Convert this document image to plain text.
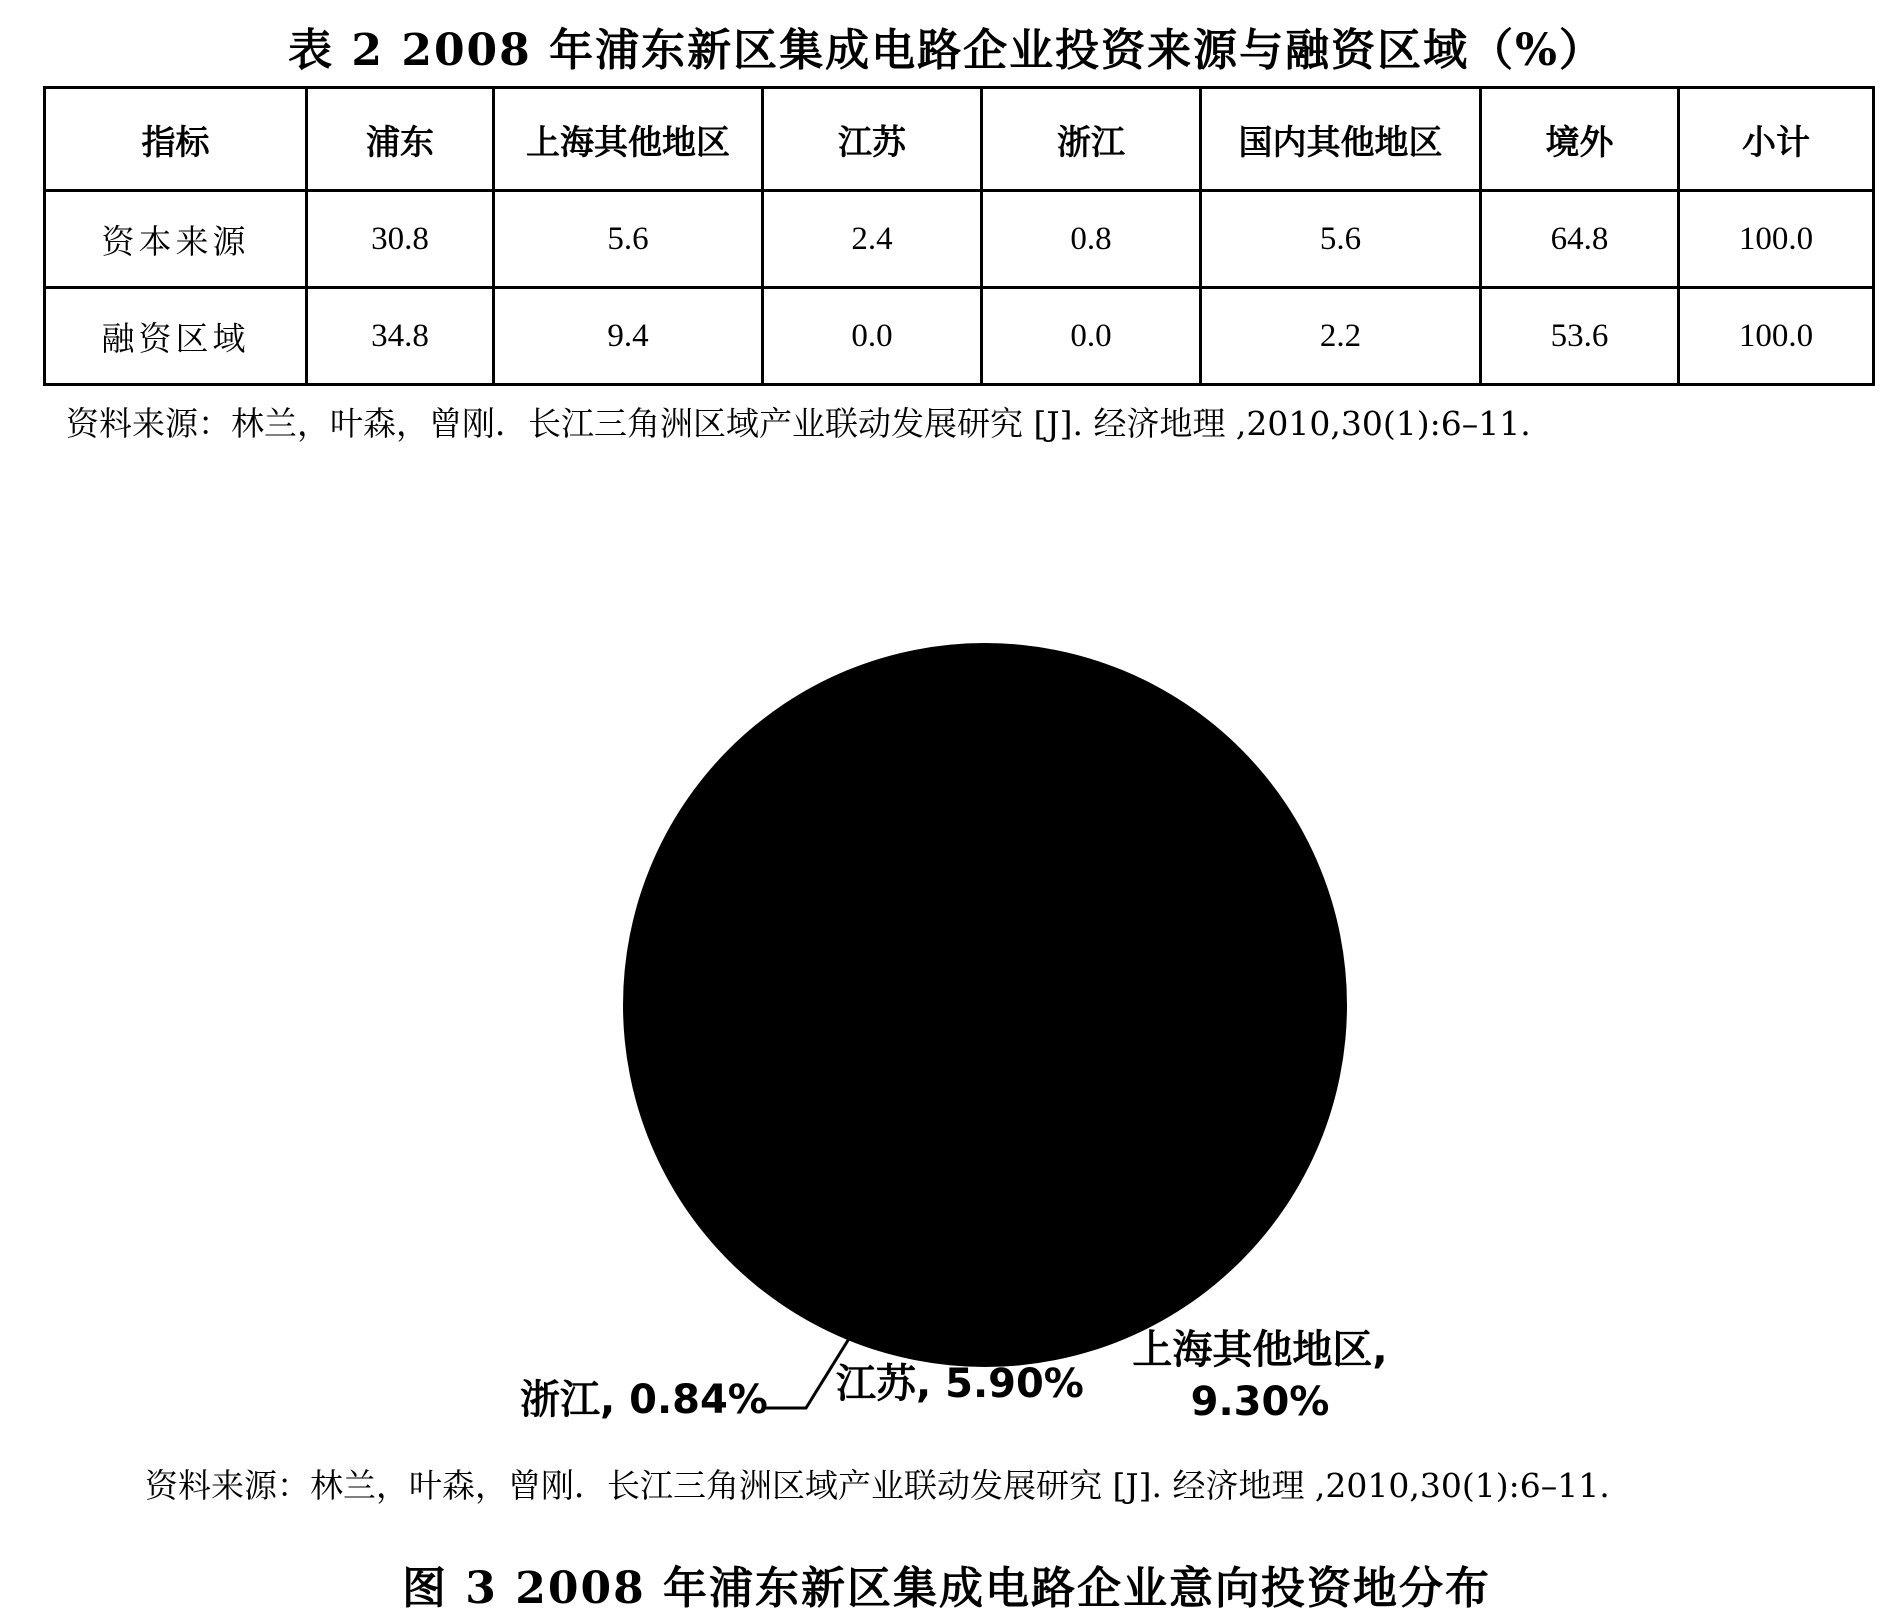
表 2 2008 年浦东新区集成电路企业投资来源与融资区域（%）
指标	浦东	上海其他地区	江苏	浙江	国内其他地区	境外	小计
资本来源	30.8	5.6	2.4	0.8	5.6	64.8	100.0
融资区域	34.8	9.4	0.0	0.0	2.2	53.6	100.0
资料来源：林兰，叶森，曾刚．长江三角洲区域产业联动发展研究 [J]. 经济地理 ,2010,30(1):6–11.
浙江, 0.84% 江苏, 5.90%
上海其他地区,
9.30%
资料来源：林兰，叶森，曾刚．长江三角洲区域产业联动发展研究 [J]. 经济地理 ,2010,30(1):6–11.
图 3 2008 年浦东新区集成电路企业意向投资地分布
